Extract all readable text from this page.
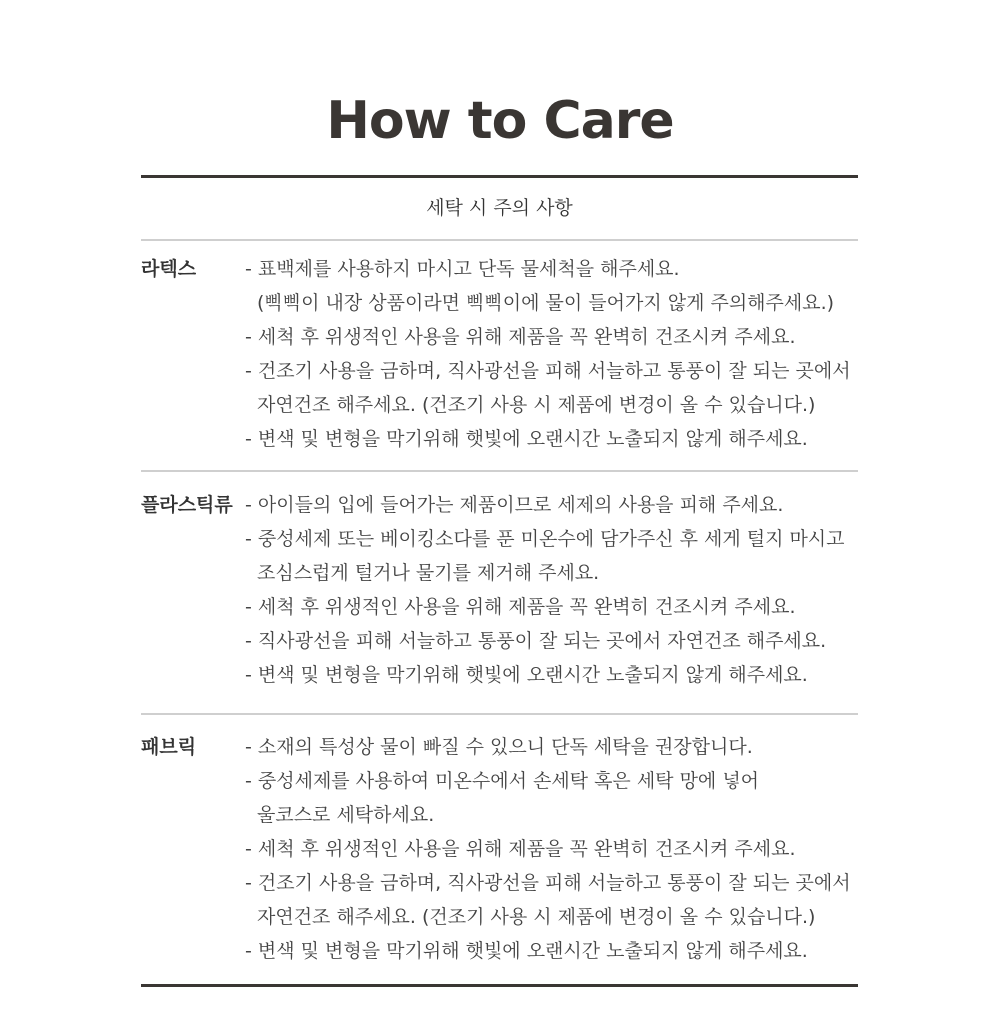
How to Care
세탁 시 주의 사항
라텍스	- 표백제를 사용하지 마시고 단독 물세척을 해주세요.
(삑삑이 내장 상품이라면 삑삑이에 물이 들어가지 않게 주의해주세요.)
- 세척 후 위생적인 사용을 위해 제품을 꼭 완벽히 건조시켜 주세요.
- 건조기 사용을 금하며, 직사광선을 피해 서늘하고 통풍이 잘 되는 곳에서
자연건조 해주세요. (건조기 사용 시 제품에 변경이 올 수 있습니다.)
- 변색 및 변형을 막기위해 햇빛에 오랜시간 노출되지 않게 해주세요.
플라스틱류 - 아이들의 입에 들어가는 제품이므로 세제의 사용을 피해 주세요.
- 중성세제 또는 베이킹소다를 푼 미온수에 담가주신 후 세게 털지 마시고
조심스럽게 털거나 물기를 제거해 주세요.
- 세척 후 위생적인 사용을 위해 제품을 꼭 완벽히 건조시켜 주세요.
- 직사광선을 피해 서늘하고 통풍이 잘 되는 곳에서 자연건조 해주세요.
- 변색 및 변형을 막기위해 햇빛에 오랜시간 노출되지 않게 해주세요.
패브릭	- 소재의 특성상 물이 빠질 수 있으니 단독 세탁을 권장합니다.
- 중성세제를 사용하여 미온수에서 손세탁 혹은 세탁 망에 넣어
울코스로 세탁하세요.
- 세척 후 위생적인 사용을 위해 제품을 꼭 완벽히 건조시켜 주세요.
- 건조기 사용을 금하며, 직사광선을 피해 서늘하고 통풍이 잘 되는 곳에서
자연건조 해주세요. (건조기 사용 시 제품에 변경이 올 수 있습니다.)
- 변색 및 변형을 막기위해 햇빛에 오랜시간 노출되지 않게 해주세요.
